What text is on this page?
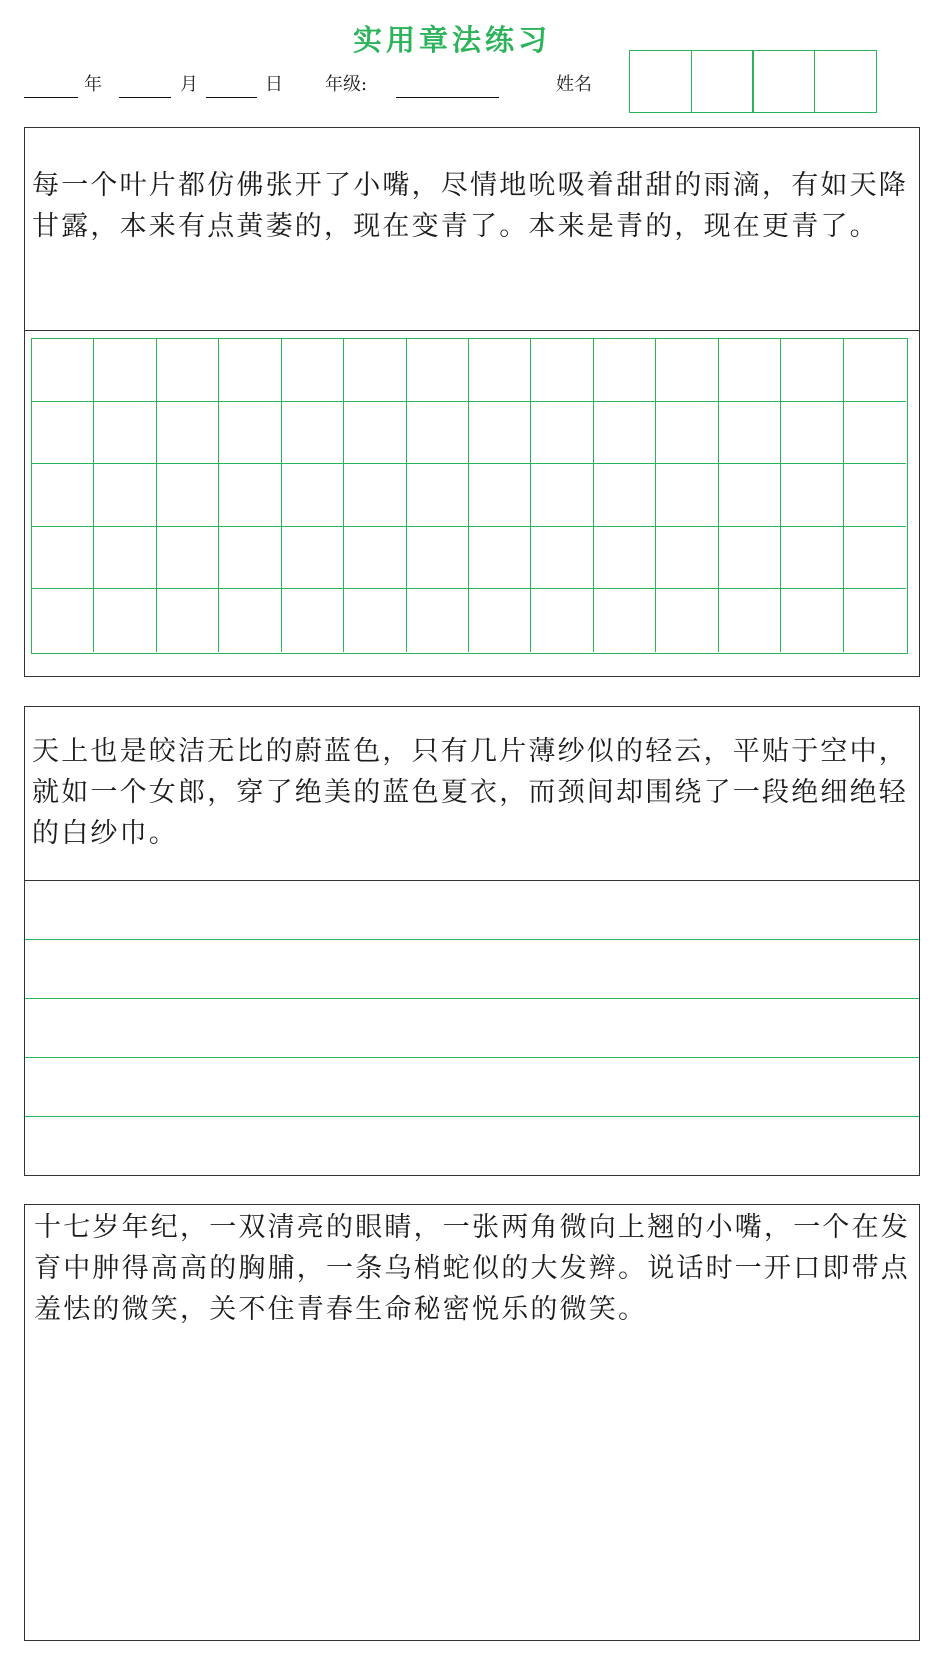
实用章法练习
年	月	日 年级:	姓名
每一个叶片都仿佛张开了小嘴，尽情地吮吸着甜甜的雨滴，有如天降甘露，本来有点黄萎的，现在变青了。本来是青的，现在更青了。
天上也是皎洁无比的蔚蓝色，只有几片薄纱似的轻云，平贴于空中，就如一个女郎，穿了绝美的蓝色夏衣，而颈间却围绕了一段绝细绝轻的白纱巾。
十七岁年纪，一双清亮的眼睛，一张两角微向上翘的小嘴，一个在发育中肿得高高的胸脯，一条乌梢蛇似的大发辫。说话时一开口即带点羞怯的微笑，关不住青春生命秘密悦乐的微笑。
